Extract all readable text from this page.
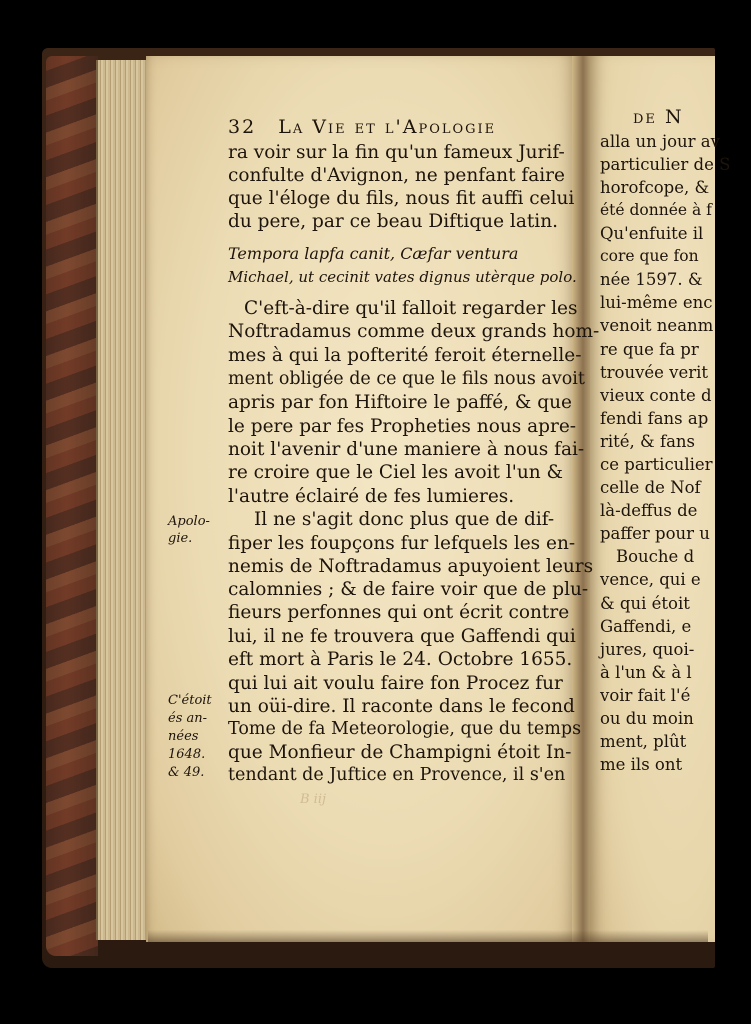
32 La Vie et l'Apologie
ra voir sur la fin qu'un fameux Jurif-
confulte d'Avignon, ne penfant faire
que l'éloge du fils, nous fit auffi celui
du pere, par ce beau Diftique latin.
Tempora lapfa canit, Cæfar ventura
Michael, ut cecinit vates dignus utèrque polo.
C'eft-à-dire qu'il falloit regarder les
Noftradamus comme deux grands hom-
mes à qui la pofterité feroit éternelle-
ment obligée de ce que le fils nous avoit
apris par fon Hiftoire le paffé, & que
le pere par fes Propheties nous apre-
noit l'avenir d'une maniere à nous fai-
re croire que le Ciel les avoit l'un &
l'autre éclairé de fes lumieres.
Il ne s'agit donc plus que de dif-
fiper les foupçons fur lefquels les en-
nemis de Noftradamus apuyoient leurs
calomnies ; & de faire voir que de plu-
fieurs perfonnes qui ont écrit contre
lui, il ne fe trouvera que Gaffendi qui
eft mort à Paris le 24. Octobre 1655.
qui lui ait voulu faire fon Procez fur
un oüi-dire. Il raconte dans le fecond
Tome de fa Meteorologie, que du temps
que Monfieur de Champigni étoit In-
tendant de Juftice en Provence, il s'en
Apolo-
gie.
C'étoit
és an-
nées
1648.
& 49.
B iij
de N
alla un jour av
particulier de S
horofcope, &
été donnée à f
Qu'enfuite il
core que fon
née 1597. &
lui-même enc
venoit neanm
re que fa pr
trouvée verit
vieux conte d
fendi fans ap
rité, & fans
ce particulier
celle de Nof
là-deffus de
paffer pour u
Bouche d
vence, qui e
& qui étoit
Gaffendi, e
jures, quoi-
à l'un & à l
voir fait l'é
ou du moin
ment, plût
me ils ont
